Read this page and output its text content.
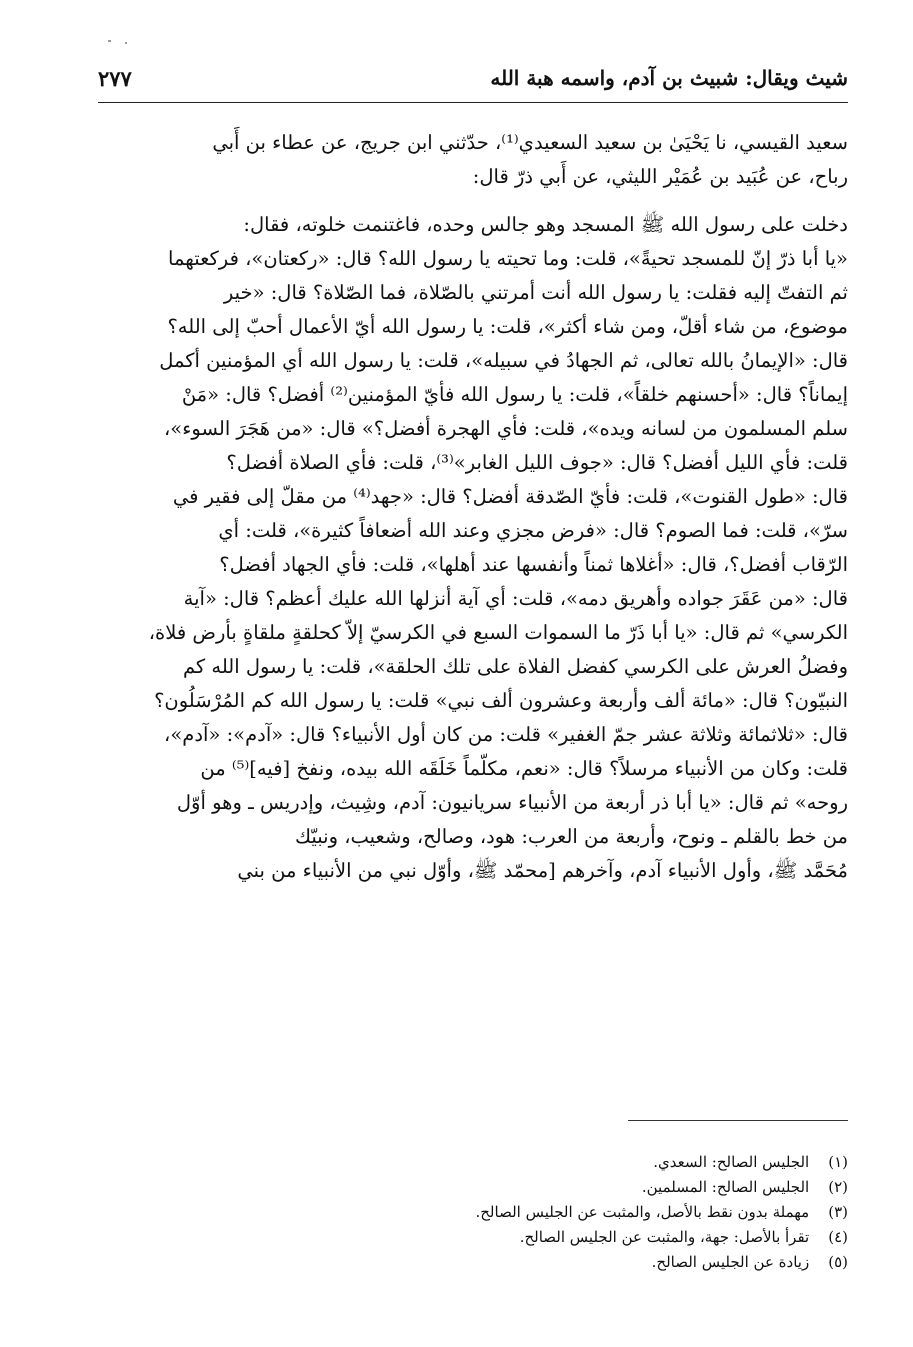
شيث ويقال: شبيث بن آدم، واسمه هبة الله
٢٧٧
سعيد القيسي، نا يَحْيَىٰ بن سعيد السعيدي⁽¹⁾، حدّثني ابن جريج، عن عطاء بن أَبي
رباح، عن عُبَيد بن عُمَيْر الليثي، عن أَبي ذرّ قال:
دخلت على رسول الله ﷺ المسجد وهو جالس وحده، فاغتنمت خلوته، فقال:
«يا أبا ذرّ إنّ للمسجد تحيةً»، قلت: وما تحيته يا رسول الله؟ قال: «ركعتان»، فركعتهما
ثم التفتّ إليه فقلت: يا رسول الله أنت أمرتني بالصّلاة، فما الصّلاة؟ قال: «خير
موضوع، من شاء أقلّ، ومن شاء أكثر»، قلت: يا رسول الله أيّ الأعمال أحبّ إلى الله؟
قال: «الإيمانُ بالله تعالى، ثم الجهادُ في سبيله»، قلت: يا رسول الله أي المؤمنين أكمل
إيماناً؟ قال: «أحسنهم خلقاً»، قلت: يا رسول الله فأيّ المؤمنين⁽²⁾ أفضل؟ قال: «مَنْ
سلم المسلمون من لسانه ويده»، قلت: فأي الهجرة أفضل؟» قال: «من هَجَرَ السوء»،
قلت: فأي الليل أفضل؟ قال: «جوف الليل الغابر»⁽³⁾، قلت: فأي الصلاة أفضل؟
قال: «طول القنوت»، قلت: فأيّ الصّدقة أفضل؟ قال: «جهد⁽⁴⁾ من مقلّ إلى فقير في
سرّ»، قلت: فما الصوم؟ قال: «فرض مجزي وعند الله أضعافاً كثيرة»، قلت: أي
الرّقاب أفضل؟، قال: «أغلاها ثمناً وأنفسها عند أهلها»، قلت: فأي الجهاد أفضل؟
قال: «من عَقَرَ جواده وأهريق دمه»، قلت: أي آية أنزلها الله عليك أعظم؟ قال: «آية
الكرسي» ثم قال: «يا أبا ذَرّ ما السموات السبع في الكرسيّ إلاّ كحلقةٍ ملقاةٍ بأرض فلاة،
وفضلُ العرش على الكرسي كفضل الفلاة على تلك الحلقة»، قلت: يا رسول الله كم
النبيّون؟ قال: «مائة ألف وأربعة وعشرون ألف نبي» قلت: يا رسول الله كم المُرْسَلُون؟
قال: «ثلاثمائة وثلاثة عشر جمّ الغفير» قلت: من كان أول الأنبياء؟ قال: «آدم»: «آدم»،
قلت: وكان من الأنبياء مرسلاً؟ قال: «نعم، مكلّماً خَلَقَه الله بيده، ونفخ [فيه]⁽⁵⁾ من
روحه» ثم قال: «يا أبا ذر أربعة من الأنبياء سريانيون: آدم، وشِيث، وإدريس ـ وهو أوّل
من خط بالقلم ـ ونوح، وأربعة من العرب: هود، وصالح، وشعيب، ونبيّك
مُحَمَّد ﷺ، وأول الأنبياء آدم، وآخرهم [محمّد ﷺ، وأوّل نبي من الأنبياء من بني
(١) الجليس الصالح: السعدي.
(٢) الجليس الصالح: المسلمين.
(٣) مهملة بدون نقط بالأصل، والمثبت عن الجليس الصالح.
(٤) تقرأ بالأصل: جهة، والمثبت عن الجليس الصالح.
(٥) زيادة عن الجليس الصالح.
